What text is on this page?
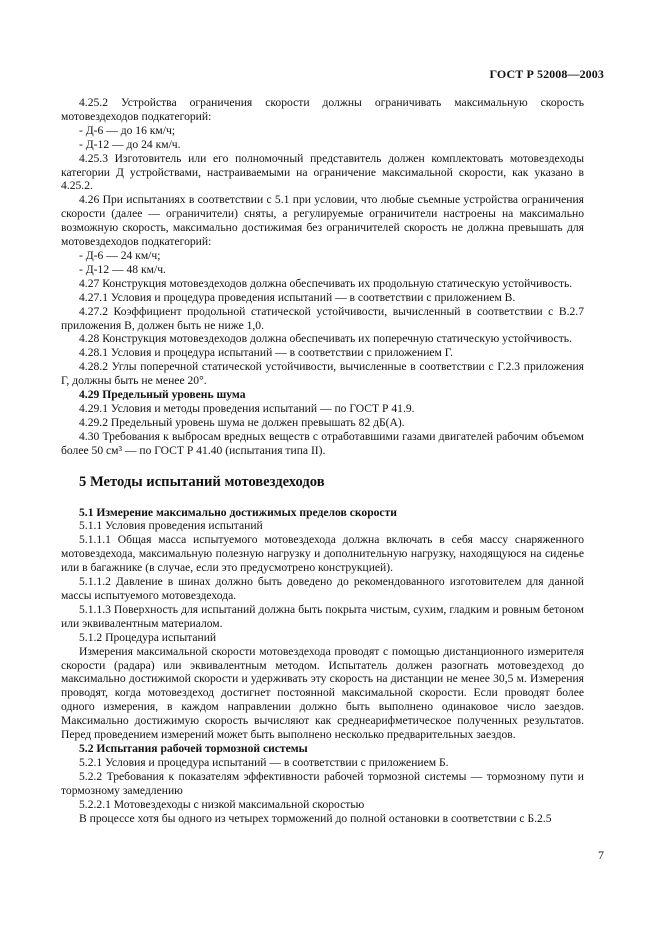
ГОСТ Р 52008—2003

4.25.2 Устройства ограничения скорости должны ограничивать максимальную скорость мотовездеходов подкатегорий:

- Д-6 — до 16 км/ч;

- Д-12 — до 24 км/ч.

4.25.3 Изготовитель или его полномочный представитель должен комплектовать мотовездеходы категории Д устройствами, настраиваемыми на ограничение максимальной скорости, как указано в 4.25.2.

4.26 При испытаниях в соответствии с 5.1 при условии, что любые съемные устройства ограничения скорости (далее — ограничители) сняты, а регулируемые ограничители настроены на максимально возможную скорость, максимально достижимая без ограничителей скорость не должна превышать для мотовездеходов подкатегорий:

- Д-6 — 24 км/ч;

- Д-12 — 48 км/ч.

4.27 Конструкция мотовездеходов должна обеспечивать их продольную статическую устойчивость.

4.27.1 Условия и процедура проведения испытаний — в соответствии с приложением В.

4.27.2 Коэффициент продольной статической устойчивости, вычисленный в соответствии с В.2.7 приложения В, должен быть не ниже 1,0.

4.28 Конструкция мотовездеходов должна обеспечивать их поперечную статическую устойчивость.

4.28.1 Условия и процедура испытаний — в соответствии с приложением Г.

4.28.2 Углы поперечной статической устойчивости, вычисленные в соответствии с Г.2.3 приложения Г, должны быть не менее 20°.

4.29 Предельный уровень шума

4.29.1 Условия и методы проведения испытаний — по ГОСТ Р 41.9.

4.29.2 Предельный уровень шума не должен превышать 82 дБ(A).

4.30 Требования к выбросам вредных веществ с отработавшими газами двигателей рабочим объемом более 50 см³ — по ГОСТ Р 41.40 (испытания типа II).

5 Методы испытаний мотовездеходов

5.1 Измерение максимально достижимых пределов скорости

5.1.1 Условия проведения испытаний

5.1.1.1 Общая масса испытуемого мотовездехода должна включать в себя массу снаряженного мотовездехода, максимальную полезную нагрузку и дополнительную нагрузку, находящуюся на сиденье или в багажнике (в случае, если это предусмотрено конструкцией).

5.1.1.2 Давление в шинах должно быть доведено до рекомендованного изготовителем для данной массы испытуемого мотовездехода.

5.1.1.3 Поверхность для испытаний должна быть покрыта чистым, сухим, гладким и ровным бетоном или эквивалентным материалом.

5.1.2 Процедура испытаний

Измерения максимальной скорости мотовездехода проводят с помощью дистанционного измерителя скорости (радара) или эквивалентным методом. Испытатель должен разогнать мотовездеход до максимально достижимой скорости и удерживать эту скорость на дистанции не менее 30,5 м. Измерения проводят, когда мотовездеход достигнет постоянной максимальной скорости. Если проводят более одного измерения, в каждом направлении должно быть выполнено одинаковое число заездов. Максимально достижимую скорость вычисляют как среднеарифметическое полученных результатов. Перед проведением измерений может быть выполнено несколько предварительных заездов.

5.2 Испытания рабочей тормозной системы

5.2.1 Условия и процедура испытаний — в соответствии с приложением Б.

5.2.2 Требования к показателям эффективности рабочей тормозной системы — тормозному пути и тормозному замедлению

5.2.2.1 Мотовездеходы с низкой максимальной скоростью

В процессе хотя бы одного из четырех торможений до полной остановки в соответствии с Б.2.5

7
